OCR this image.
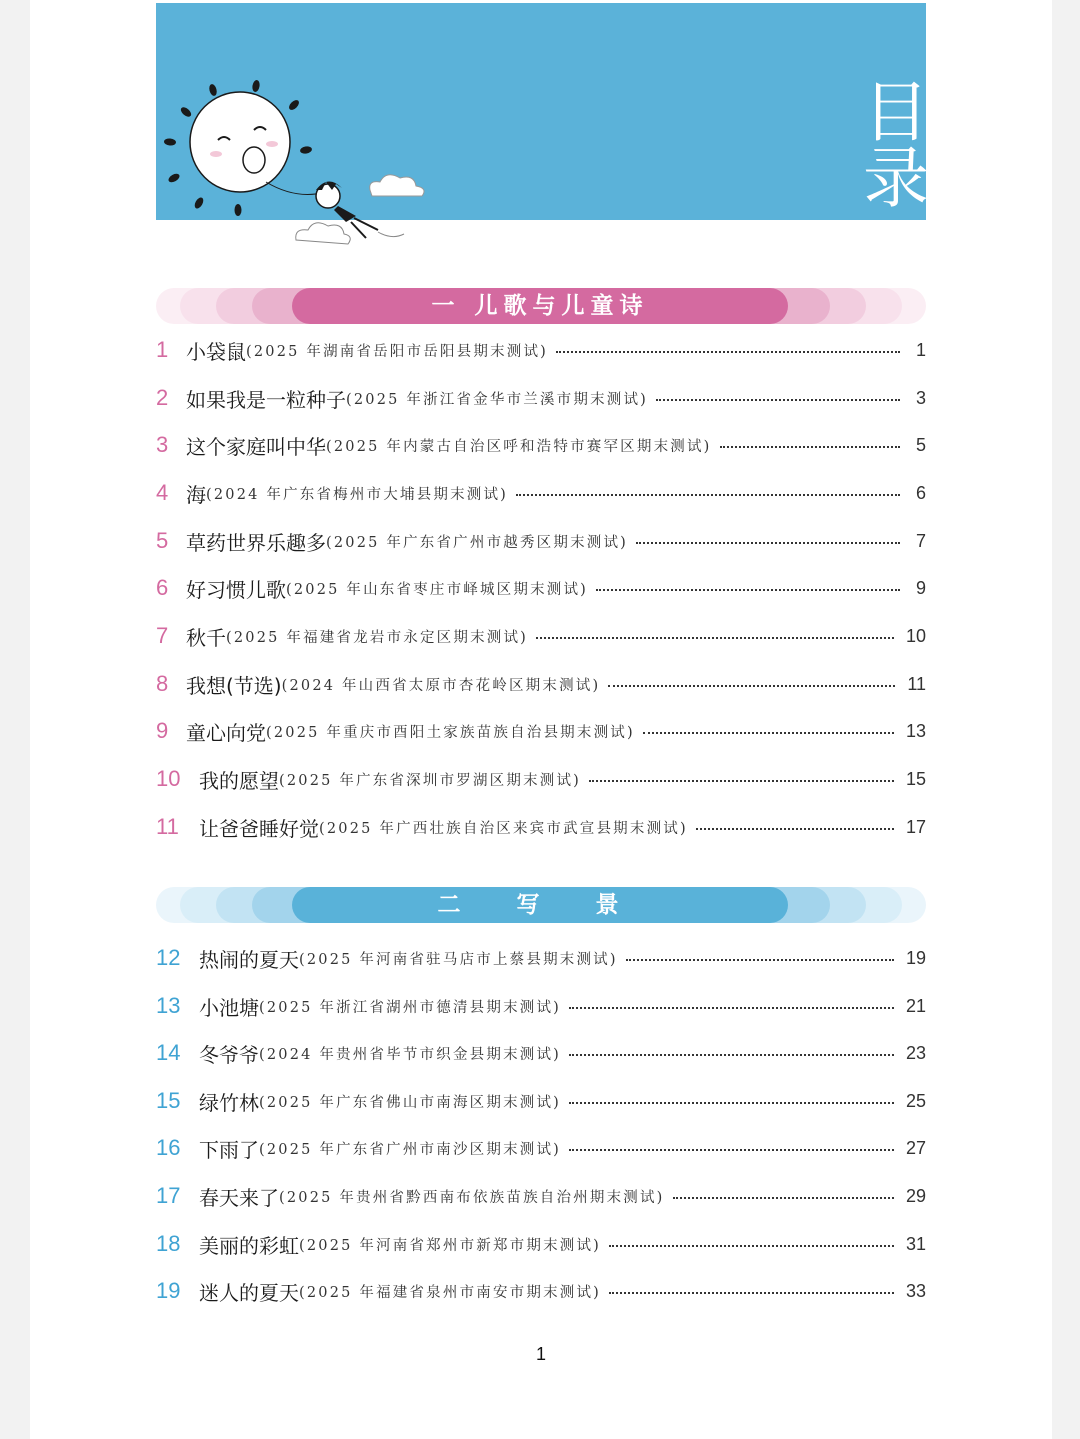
目
录
一 儿歌与儿童诗
1 小袋鼠 (2025 年湖南省岳阳市岳阳县期末测试)	1
2 如果我是一粒种子 (2025 年浙江省金华市兰溪市期末测试)	3
3 这个家庭叫中华 (2025 年内蒙古自治区呼和浩特市赛罕区期末测试)	5
4 海 (2024 年广东省梅州市大埔县期末测试)	6
5 草药世界乐趣多 (2025 年广东省广州市越秀区期末测试)	7
6 好习惯儿歌 (2025 年山东省枣庄市峄城区期末测试)	9
7 秋千 (2025 年福建省龙岩市永定区期末测试)	10
8 我想(节选) (2024 年山西省太原市杏花岭区期末测试)	11
9 童心向党 (2025 年重庆市酉阳土家族苗族自治县期末测试)	13
10 我的愿望 (2025 年广东省深圳市罗湖区期末测试)	15
11	让爸爸睡好觉 (2025 年广西壮族自治区来宾市武宣县期末测试)	17
二 写 景
12 热闹的夏天 (2025 年河南省驻马店市上蔡县期末测试)	19
13 小池塘 (2025 年浙江省湖州市德清县期末测试)	21
14 冬爷爷 (2024 年贵州省毕节市织金县期末测试)	23
15 绿竹林 (2025 年广东省佛山市南海区期末测试)	25
16 下雨了 (2025 年广东省广州市南沙区期末测试)	27
17 春天来了 (2025 年贵州省黔西南布依族苗族自治州期末测试)	29
18 美丽的彩虹 (2025 年河南省郑州市新郑市期末测试)	31
19 迷人的夏天 (2025 年福建省泉州市南安市期末测试)	33
1
